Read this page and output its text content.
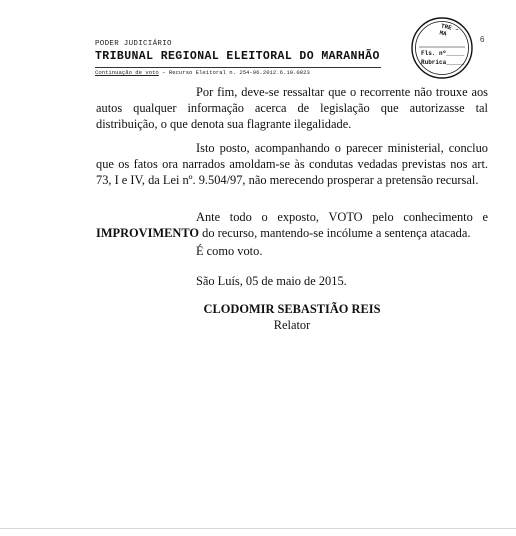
PODER JUDICIÁRIO
TRIBUNAL REGIONAL ELEITORAL DO MARANHÃO
Continuação de voto – Recurso Eleitoral n. 254-96.2012.6.10.0023
TRE – MA
Fls. nº_____
Rubrica_____
6
Por fim, deve-se ressaltar que o recorrente não trouxe aos autos qualquer informação acerca de legislação que autorizasse tal distribuição, o que denota sua flagrante ilegalidade.
Isto posto, acompanhando o parecer ministerial, concluo que os fatos ora narrados amoldam-se às condutas vedadas previstas nos art. 73, I e IV, da Lei nº. 9.504/97, não merecendo prosperar a pretensão recursal.
Ante todo o exposto, VOTO pelo conhecimento e IMPROVIMENTO do recurso, mantendo-se incólume a sentença atacada.
É como voto.
São Luís, 05 de maio de 2015.
CLODOMIR SEBASTIÃO REIS
Relator
